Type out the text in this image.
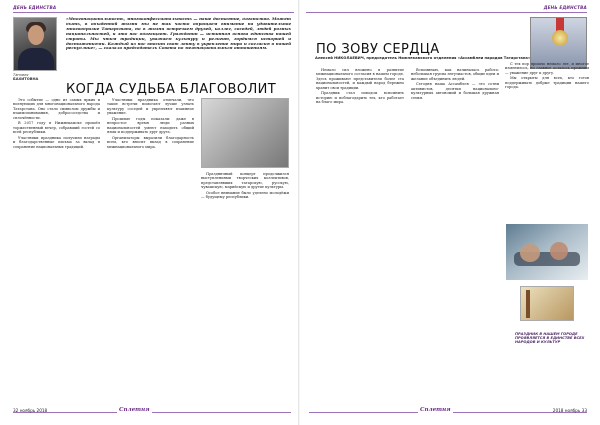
ДЕНЬ ЕДИНСТВА
Танзиля
БАХИТОВНА
«Многонациональность, многоконфессиональность — наше достояние, богатство. Может быть, в обыденной жизни мы не так часто обращаем внимание на удивительное многообразие Татарстана, но в жизни встречаем друзей, коллег, соседей, людей разных национальностей, и это нас обогащает. Гражданин — истинная основа единства нашей страны. Мы чтим традиции, уважаем культуру и религию, гордимся историей и достижениями. Каждый из нас вносит свою лепту в укрепление мира и согласия в нашей республике», — сказала председатель Совета по межнациональным отношениям.
КОГДА СУДЬБА БЛАГОВОЛИТ

Это событие — одно из самых ярких и волнующих для многонационального народа Татарстана. Оно стало символом дружбы и взаимопонимания, добрососедства и сплочённости.

В 2017 году в Нижнекамске прошёл торжественный вечер, собравший гостей со всей республики.

Участники праздника получили награды и благодарственные письма за вклад в сохранение национальных традиций.

Участники праздника отмечали, что такие встречи помогают лучше узнать культуру соседей и укрепляют взаимное уважение.

Прошлые годы показали: даже в непростое время люди разных национальностей умеют находить общий язык и поддерживать друг друга.

Организаторы выразили благодарность всем, кто вносит вклад в сохранение межнационального мира.

Праздничный концерт продолжился выступлениями творческих коллективов, представлявших татарскую, русскую, чувашскую, марийскую и другие культуры.

Особое внимание было уделено молодёжи — будущему республики.

32 ноябрь 2018	Сплетня
ДЕНЬ ЕДИНСТВА
ПО ЗОВУ СЕРДЦА
Алексей НИКОЛАЕВИЧ, председатель Нижнекамского отделения «Ассамблеи народов Татарстана»

Немало сил вложено в развитие межнационального согласия в нашем городе. Здесь проживают представители более ста национальностей, и каждый народ бережно хранит свои традиции.

Праздник стал поводом вспомнить историю и поблагодарить тех, кто работает на благо мира.

Вспоминаю, как начиналась работа: небольшая группа энтузиастов, общие идеи и желание объединить людей.

Сегодня наша Ассамблея — это сотни активистов, десятки национально-культурных автономий и большая дружная семья.

С тех пор прошло немало лет, и многое изменилось, но главное осталось прежним — уважение друг к другу.

Мы открыты для всех, кто готов поддерживать добрые традиции нашего города.

ПРАЗДНИК В НАШЕМ ГОРОДЕ ПРОЯВЛЯЕТСЯ В ЕДИНСТВЕ ВСЕХ НАРОДОВ И КУЛЬТУР
Сплетня	2018 ноябрь 33
